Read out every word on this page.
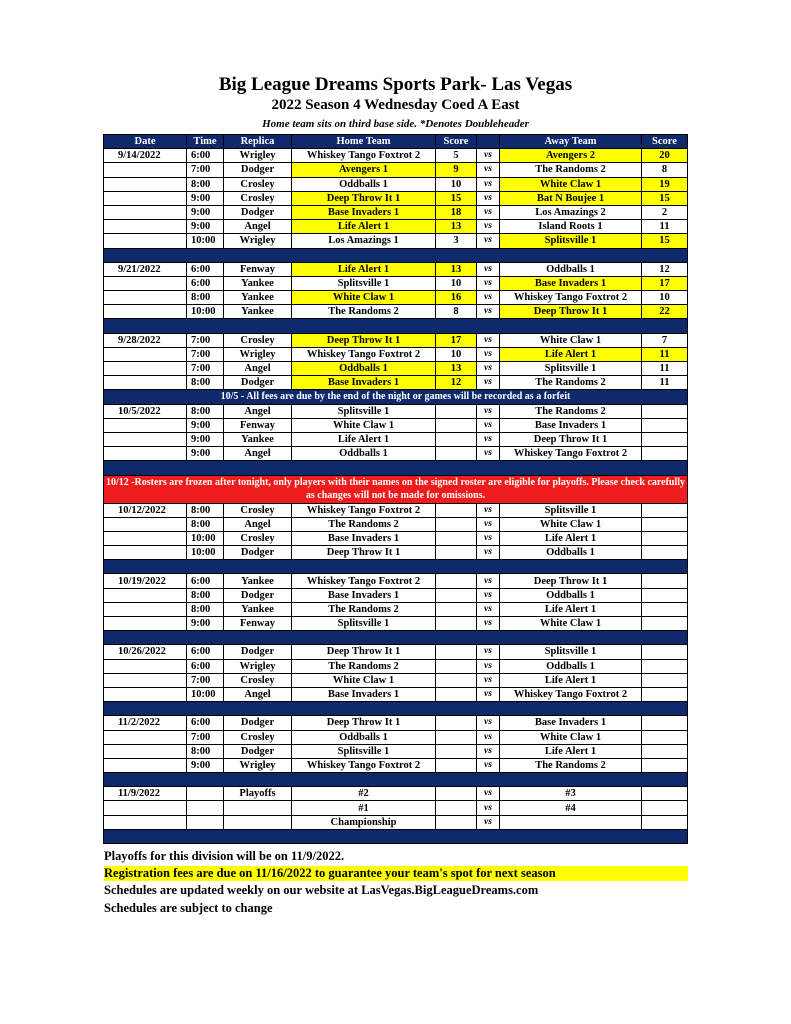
Big League Dreams Sports Park- Las Vegas
2022 Season 4 Wednesday Coed A East
Home team sits on third base side. *Denotes Doubleheader
Date	Time	Replica	Home Team	Score		Away Team	Score
9/14/2022	6:00	Wrigley	Whiskey Tango Foxtrot 2	5	vs	Avengers 2	20
	7:00	Dodger	Avengers 1	9	vs	The Randoms 2	8
	8:00	Crosley	Oddballs 1	10	vs	White Claw 1	19
	9:00	Crosley	Deep Throw It 1	15	vs	Bat N Boujee 1	15
	9:00	Dodger	Base Invaders 1	18	vs	Los Amazings 2	2
	9:00	Angel	Life Alert 1	13	vs	Island Roots 1	11
	10:00	Wrigley	Los Amazings 1	3	vs	Splitsville 1	15

9/21/2022	6:00	Fenway	Life Alert 1	13	vs	Oddballs 1	12
	6:00	Yankee	Splitsville 1	10	vs	Base Invaders 1	17
	8:00	Yankee	White Claw 1	16	vs	Whiskey Tango Foxtrot 2	10
	10:00	Yankee	The Randoms 2	8	vs	Deep Throw It 1	22

9/28/2022	7:00	Crosley	Deep Throw It 1	17	vs	White Claw 1	7
	7:00	Wrigley	Whiskey Tango Foxtrot 2	10	vs	Life Alert 1	11
	7:00	Angel	Oddballs 1	13	vs	Splitsville 1	11
	8:00	Dodger	Base Invaders 1	12	vs	The Randoms 2	11
10/5 - All fees are due by the end of the night or games will be recorded as a forfeit							
10/5/2022	8:00	Angel	Splitsville 1		vs	The Randoms 2	
	9:00	Fenway	White Claw 1		vs	Base Invaders 1	
	9:00	Yankee	Life Alert 1		vs	Deep Throw It 1	
	9:00	Angel	Oddballs 1		vs	Whiskey Tango Foxtrot 2	

10/12 -Rosters are frozen after tonight, only players with their names on the signed roster are eligible for playoffs. Please check carefully as changes will not be made for omissions.							
10/12/2022	8:00	Crosley	Whiskey Tango Foxtrot 2		vs	Splitsville 1	
	8:00	Angel	The Randoms 2		vs	White Claw 1	
	10:00	Crosley	Base Invaders 1		vs	Life Alert 1	
	10:00	Dodger	Deep Throw It 1		vs	Oddballs 1	

10/19/2022	6:00	Yankee	Whiskey Tango Foxtrot 2		vs	Deep Throw It 1	
	8:00	Dodger	Base Invaders 1		vs	Oddballs 1	
	8:00	Yankee	The Randoms 2		vs	Life Alert 1	
	9:00	Fenway	Splitsville 1		vs	White Claw 1	

10/26/2022	6:00	Dodger	Deep Throw It 1		vs	Splitsville 1	
	6:00	Wrigley	The Randoms 2		vs	Oddballs 1	
	7:00	Crosley	White Claw 1		vs	Life Alert 1	
	10:00	Angel	Base Invaders 1		vs	Whiskey Tango Foxtrot 2	

11/2/2022	6:00	Dodger	Deep Throw It 1		vs	Base Invaders 1	
	7:00	Crosley	Oddballs 1		vs	White Claw 1	
	8:00	Dodger	Splitsville 1		vs	Life Alert 1	
	9:00	Wrigley	Whiskey Tango Foxtrot 2		vs	The Randoms 2	

11/9/2022		Playoffs	#2		vs	#3	
			#1		vs	#4	
			Championship		vs		

Playoffs for this division will be on 11/9/2022.
Registration fees are due on 11/16/2022 to guarantee your team's spot for next season
Schedules are updated weekly on our website at LasVegas.BigLeagueDreams.com
Schedules are subject to change
